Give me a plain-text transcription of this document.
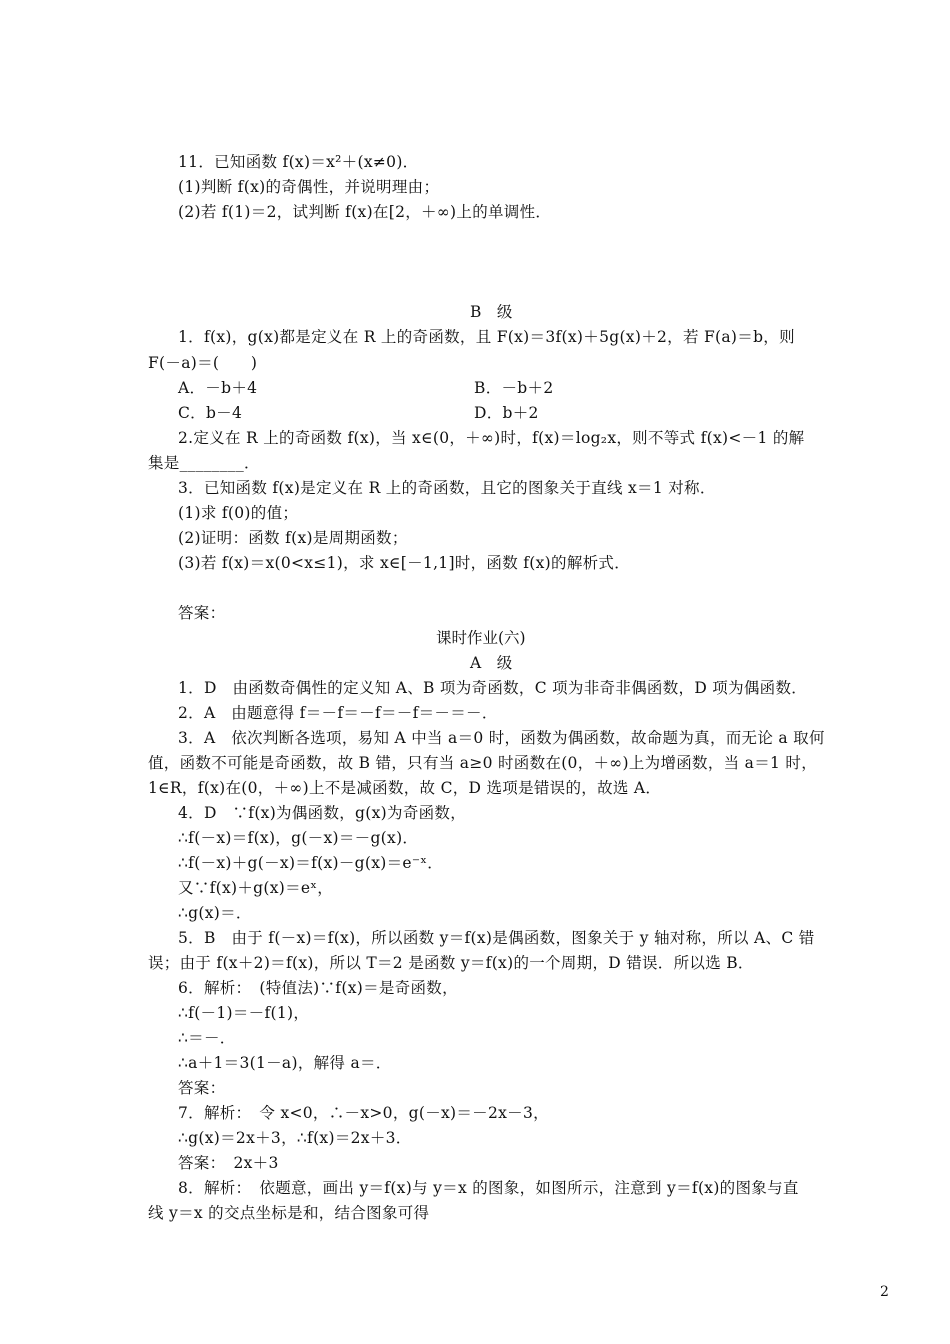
11．已知函数 f(x)＝x²＋(x≠0)．
(1)判断 f(x)的奇偶性，并说明理由；
(2)若 f(1)＝2，试判断 f(x)在[2，＋∞)上的单调性．
B　级
1．f(x)，g(x)都是定义在 R 上的奇函数，且 F(x)＝3f(x)＋5g(x)＋2，若 F(a)＝b，则
F(－a)＝(　　)
A．－b＋4	B．－b＋2
C．b－4	D．b＋2
2.定义在 R 上的奇函数 f(x)，当 x∈(0，＋∞)时，f(x)＝log₂x，则不等式 f(x)<－1 的解
集是________．
3．已知函数 f(x)是定义在 R 上的奇函数，且它的图象关于直线 x＝1 对称．
(1)求 f(0)的值；
(2)证明：函数 f(x)是周期函数；
(3)若 f(x)＝x(0<x≤1)，求 x∈[－1,1]时，函数 f(x)的解析式．
答案：
课时作业(六)
A　级
1．D　由函数奇偶性的定义知 A、B 项为奇函数，C 项为非奇非偶函数，D 项为偶函数．
2．A　由题意得 f＝－f＝－f＝－f＝－＝－．
3．A　依次判断各选项，易知 A 中当 a＝0 时，函数为偶函数，故命题为真，而无论 a 取何
值，函数不可能是奇函数，故 B 错，只有当 a≥0 时函数在(0，＋∞)上为增函数，当 a＝1 时，
1∈R，f(x)在(0，＋∞)上不是减函数，故 C，D 选项是错误的，故选 A．
4．D　∵f(x)为偶函数，g(x)为奇函数，
∴f(－x)＝f(x)，g(－x)＝－g(x)．
∴f(－x)＋g(－x)＝f(x)－g(x)＝e⁻ˣ．
又∵f(x)＋g(x)＝eˣ，
∴g(x)＝．
5．B　由于 f(－x)＝f(x)，所以函数 y＝f(x)是偶函数，图象关于 y 轴对称，所以 A、C 错
误；由于 f(x＋2)＝f(x)，所以 T＝2 是函数 y＝f(x)的一个周期，D 错误．所以选 B．
6．解析：　(特值法)∵f(x)＝是奇函数，
∴f(－1)＝－f(1)，
∴＝－．
∴a＋1＝3(1－a)，解得 a＝．
答案：
7．解析：　令 x<0，∴－x>0，g(－x)＝－2x－3，
∴g(x)＝2x＋3，∴f(x)＝2x＋3．
答案：　2x＋3
8．解析：　依题意，画出 y＝f(x)与 y＝x 的图象，如图所示，注意到 y＝f(x)的图象与直
线 y＝x 的交点坐标是和，结合图象可得
2
